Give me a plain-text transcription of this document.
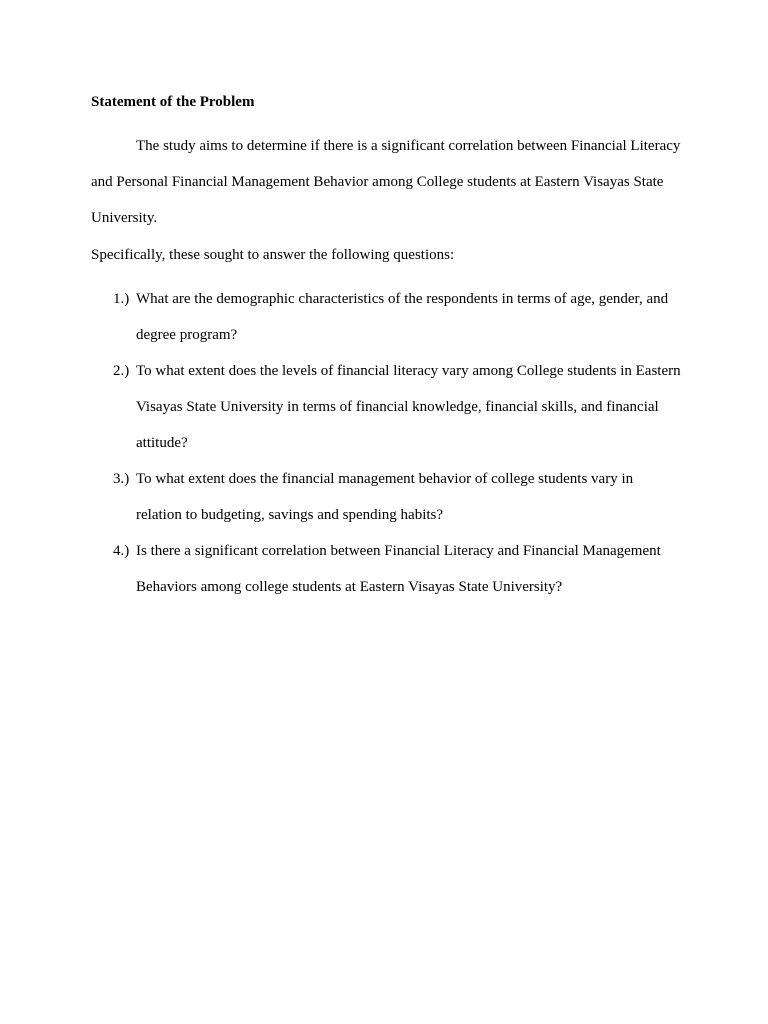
Statement of the Problem

The study aims to determine if there is a significant correlation between Financial Literacy and Personal Financial Management Behavior among College students at Eastern Visayas State University.

Specifically, these sought to answer the following questions:

1.) What are the demographic characteristics of the respondents in terms of age, gender, and degree program?
2.) To what extent does the levels of financial literacy vary among College students in Eastern Visayas State University in terms of financial knowledge, financial skills, and financial attitude?
3.) To what extent does the financial management behavior of college students vary in relation to budgeting, savings and spending habits?
4.) Is there a significant correlation between Financial Literacy and Financial Management Behaviors among college students at Eastern Visayas State University?
